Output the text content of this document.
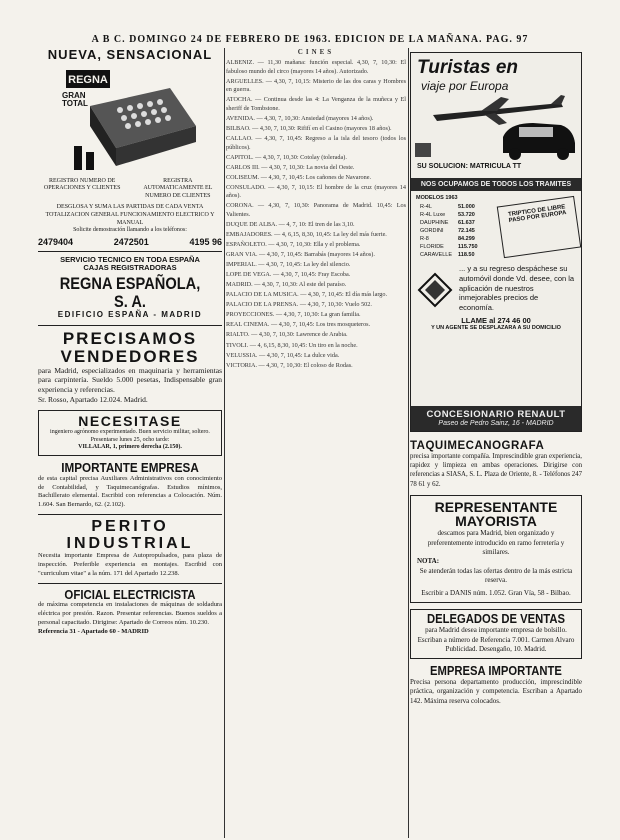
A B C. DOMINGO 24 DE FEBRERO DE 1963. EDICION DE LA MAÑANA. PAG. 97
NUEVA, SENSACIONAL
REGNA
GRAN TOTAL
REGISTRO NUMERO DE OPERACIONES Y CLIENTES
REGISTRA AUTOMATICAMENTE EL NUMERO DE CLIENTES
DESGLOSA Y SUMA LAS PARTIDAS DE CADA VENTA TOTALIZACION GENERAL FUNCIONAMIENTO ELECTRICO Y MANUAL
Solicite demostración llamando a los teléfonos:
2479404	2472501	4195 96
SERVICIO TECNICO EN TODA ESPAÑA
CAJAS REGISTRADORAS
REGNA ESPAÑOLA, S. A.
EDIFICIO ESPAÑA - MADRID
PRECISAMOS
VENDEDORES
para Madrid, especializados en maquinaria y herramientas para carpintería. Sueldo 5.000 pesetas, Indispensable gran experiencia y referencias.
Sr. Rosso, Apartado 12.024. Madrid.
NECESITASE
ingeniero agrónomo experimentado. Buen servicio militar, soltero. Presentarse lunes 25, ocho tarde:
VILLALAR, 1, primero derecha (2.150).
IMPORTANTE EMPRESA
de esta capital precisa Auxiliares Administrativos con conocimiento de Contabilidad, y Taquimecanógrafas. Estudios mínimos, Bachillerato elemental. Escribid con referencias a Colocación. Núm. 1.604. San Bernardo, 62. (2.102).
PERITO
INDUSTRIAL
Necesita importante Empresa de Autopropulsados, para plaza de inspección. Preferible experiencia en montajes. Escribid con "curriculum vitae" a la núm. 171 del Apartado 12.238.
OFICIAL ELECTRICISTA
de máxima competencia en instalaciones de máquinas de soldadura eléctrica por presión. Razon. Presentar referencias. Buenos sueldos a personal capacitado. Dirigirse: Apartado de Correos núm. 10.230.
Referencia 31 - Apartado 60 - MADRID

CINES

ALBENIZ. — 11,30 mañana: función especial. 4,30, 7, 10,30: El fabuloso mundo del circo (mayores 14 años). Autorizado.

ARGUELLES. — 4,30, 7, 10,15: Misterio de las dos caras y Hombres en guerra.

ATOCHA. — Continua desde las 4: La Venganza de la muñeca y El sheriff de Tombstone.

AVENIDA. — 4,30, 7, 10,30: Ansiedad (mayores 14 años).

BILBAO. — 4,30, 7, 10,30: Rififí en el Casino (mayores 18 años).

CALLAO. — 4,30, 7, 10,45: Regreso a la isla del tesoro (todos los públicos).

CAPITOL. — 4,30, 7, 10,30: Cotolay (tolerada).

CARLOS III. — 4,30, 7, 10,30: La novia del Oeste.

COLISEUM. — 4,30, 7, 10,45: Los cañones de Navarone.

CONSULADO. — 4,30, 7, 10,15: El hombre de la cruz (mayores 14 años).

CORONA. — 4,30, 7, 10,30: Panorama de Madrid. 10,45: Los Valientes.

DUQUE DE ALBA. — 4, 7, 10: El tren de las 3,10.

EMBAJADORES. — 4, 6,15, 8,30, 10,45: La ley del más fuerte.

ESPAÑOLETO. — 4,30, 7, 10,30: Ella y el problema.

GRAN VIA. — 4,30, 7, 10,45: Barrabás (mayores 14 años).

IMPERIAL. — 4,30, 7, 10,45: La ley del silencio.

LOPE DE VEGA. — 4,30, 7, 10,45: Fray Escoba.

MADRID. — 4,30, 7, 10,30: Al este del paraíso.

PALACIO DE LA MUSICA. — 4,30, 7, 10,45: El día más largo.

PALACIO DE LA PRENSA. — 4,30, 7, 10,30: Vuelo 502.

PROYECCIONES. — 4,30, 7, 10,30: La gran familia.

REAL CINEMA. — 4,30, 7, 10,45: Los tres mosqueteros.

RIALTO. — 4,30, 7, 10,30: Lawrence de Arabia.

TIVOLI. — 4, 6,15, 8,30, 10,45: Un tiro en la noche.

VELUSSIA. — 4,30, 7, 10,45: La dulce vida.

VICTORIA. — 4,30, 7, 10,30: El coloso de Rodas.

Turistas en
viaje por Europa
SU SOLUCION: MATRICULA TT
NOS OCUPAMOS DE TODOS LOS TRAMITES
MODELOS 1963
R-4L	51.000
R-4L Luxe	53.720
DAUPHINE	61.637
GORDINI	72.145
R-8	84.299
FLORIDE	115.750
CARAVELLE	118.50
TRIPTICO DE LIBRE PASO POR EUROPA
... y a su regreso despáchese su automóvil donde Vd. desee, con la aplicación de nuestros inmejorables precios de economía.
LLAME al 274 46 00
Y UN AGENTE SE DESPLAZARA A SU DOMICILIO
CONCESIONARIO RENAULT
Paseo de Pedro Sainz, 16 - MADRID
TAQUIMECANOGRAFA
precisa importante compañía. Imprescindible gran experiencia, rapidez y limpieza en ambas operaciones. Dirigirse con referencias a SIASA, S. L. Plaza de Oriente, 8. - Teléfonos 247 78 61 y 62.
REPRESENTANTE
MAYORISTA
descamos para Madrid, bien organizado y preferentemente introducido en ramo ferretería y similares.
NOTA:
Se atenderán todas las ofertas dentro de la más estricta reserva.
Escribir a DANIS núm. 1.052. Gran Vía, 58 - Bilbao.
DELEGADOS DE VENTAS
para Madrid desea importante empresa de bolsillo. Escriban a número de Referencia 7.001. Carmen Alvaro Publicidad. Desengaño, 10. Madrid.
EMPRESA IMPORTANTE
Precisa persona departamento producción, imprescindible práctica, organización y competencia. Escriban a Apartado 142. Máxima reserva colocados.
